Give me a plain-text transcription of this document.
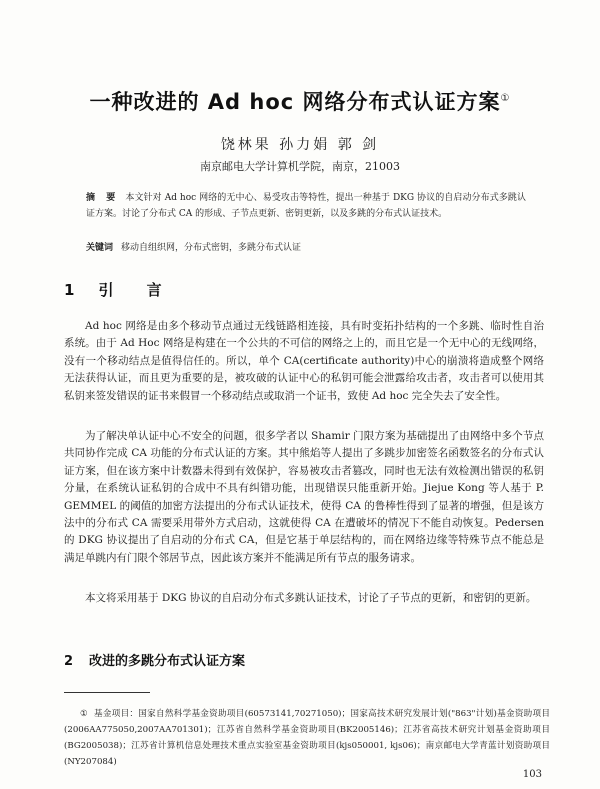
一种改进的 Ad hoc 网络分布式认证方案①
饶林果 孙力娟 郭 剑
南京邮电大学计算机学院，南京，21003
摘 要 本文针对 Ad hoc 网络的无中心、易受攻击等特性，提出一种基于 DKG 协议的自启动分布式多跳认证方案。讨论了分布式 CA 的形成、子节点更新、密钥更新，以及多跳的分布式认证技术。
关键词 移动自组织网，分布式密钥，多跳分布式认证
1 引 言

Ad hoc 网络是由多个移动节点通过无线链路相连接，具有时变拓扑结构的一个多跳、临时性自治系统。由于 Ad Hoc 网络是构建在一个公共的不可信的网络之上的，而且它是一个无中心的无线网络，没有一个移动结点是值得信任的。所以，单个 CA(certificate authority)中心的崩溃将造成整个网络无法获得认证，而且更为重要的是，被攻破的认证中心的私钥可能会泄露给攻击者，攻击者可以使用其私钥来签发错误的证书来假冒一个移动结点或取消一个证书，致使 Ad hoc 完全失去了安全性。

为了解决单认证中心不安全的问题，很多学者以 Shamir 门限方案为基础提出了由网络中多个节点共同协作完成 CA 功能的分布式认证的方案。其中熊焰等人提出了多跳步加密签名函数签名的分布式认证方案，但在该方案中计数器未得到有效保护，容易被攻击者篡改，同时也无法有效检测出错误的私钥分量，在系统认证私钥的合成中不具有纠错功能，出现错误只能重新开始。Jiejue Kong 等人基于 P. GEMMEL 的阈值的加密方法提出的分布式认证技术，使得 CA 的鲁棒性得到了显著的增强，但是该方法中的分布式 CA 需要采用带外方式启动，这就使得 CA 在遭破坏的情况下不能自动恢复。Pedersen 的 DKG 协议提出了自启动的分布式 CA，但是它基于单层结构的，而在网络边缘等特殊节点不能总是满足单跳内有门限个邻居节点，因此该方案并不能满足所有节点的服务请求。

本文将采用基于 DKG 协议的自启动分布式多跳认证技术，讨论了子节点的更新，和密钥的更新。

2 改进的多跳分布式认证方案
① 基金项目：国家自然科学基金资助项目(60573141,70271050)；国家高技术研究发展计划("863"计划)基金资助项目(2006AA775050,2007AA701301)；江苏省自然科学基金资助项目(BK2005146)；江苏省高技术研究计划基金资助项目(BG2005038)；江苏省计算机信息处理技术重点实验室基金资助项目(kjs050001, kjs06)；南京邮电大学青蓝计划资助项目(NY207084)
103
